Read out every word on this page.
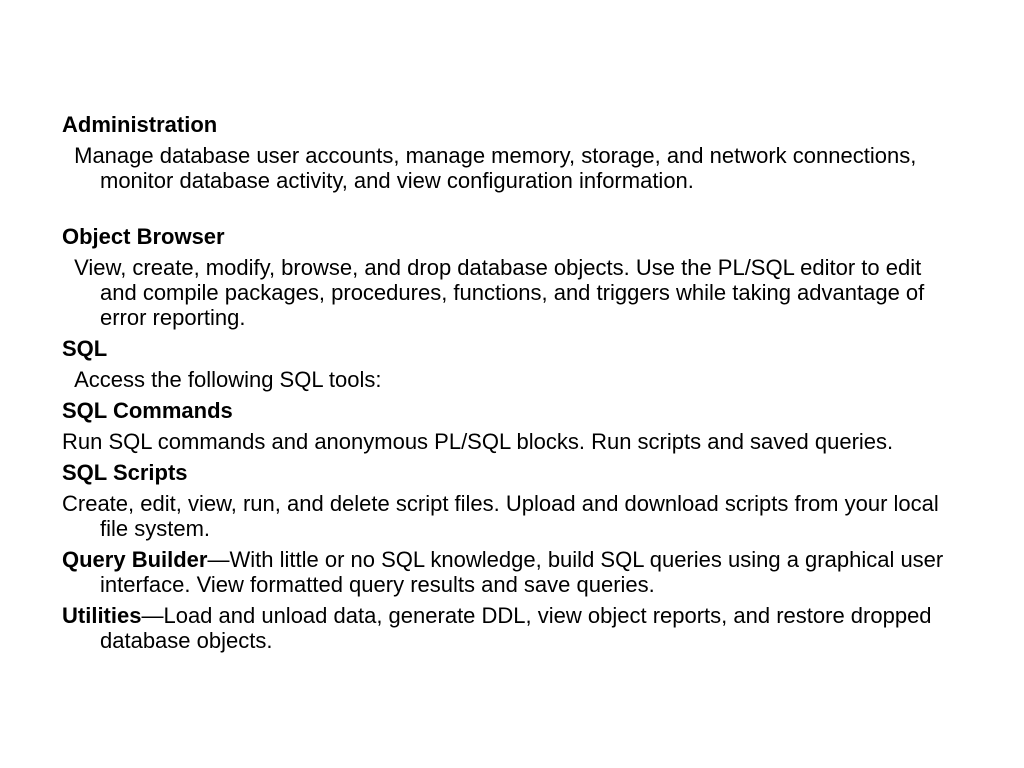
Administration

Manage database user accounts, manage memory, storage, and network connections, monitor database activity, and view configuration information.

Object Browser

View, create, modify, browse, and drop database objects. Use the PL/SQL editor to edit and compile packages, procedures, functions, and triggers while taking advantage of error reporting.

SQL

Access the following SQL tools:

SQL Commands

Run SQL commands and anonymous PL/SQL blocks. Run scripts and saved queries.

SQL Scripts

Create, edit, view, run, and delete script files. Upload and download scripts from your local file system.

Query Builder—With little or no SQL knowledge, build SQL queries using a graphical user interface. View formatted query results and save queries.

Utilities—Load and unload data, generate DDL, view object reports, and restore dropped database objects.
